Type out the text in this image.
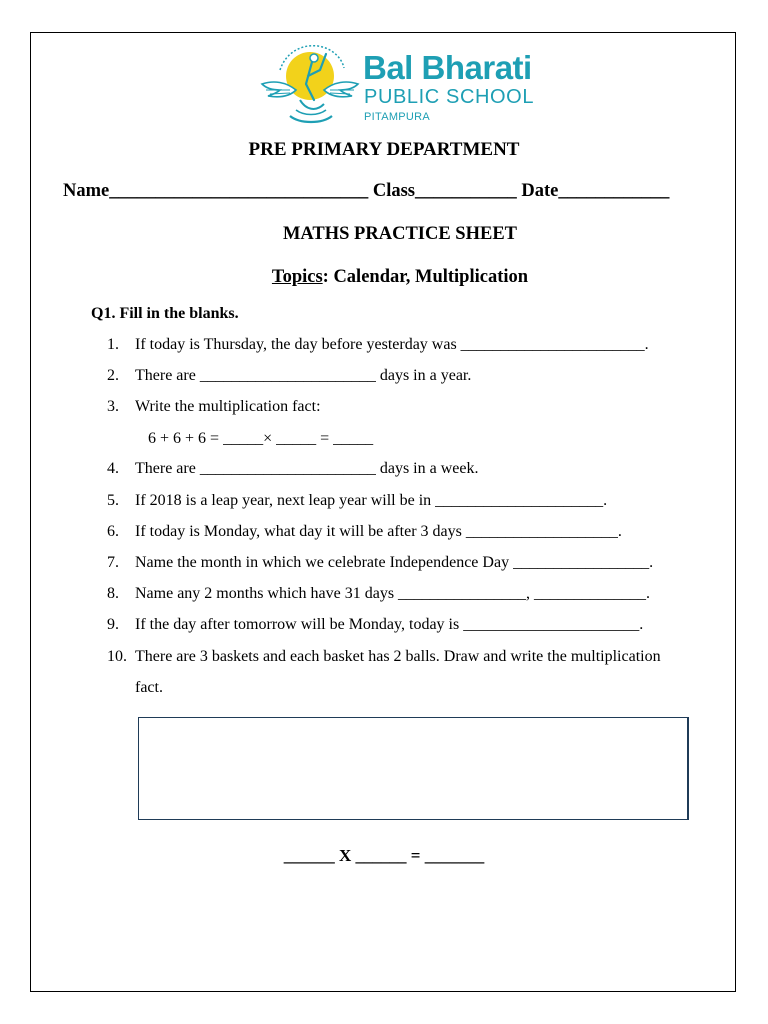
Bal Bharati
PUBLIC SCHOOL
PITAMPURA
PRE PRIMARY DEPARTMENT
Name____________________________ Class___________ Date____________
MATHS PRACTICE SHEET
Topics: Calendar, Multiplication
Q1. Fill in the blanks.
1. If today is Thursday, the day before yesterday was _______________________.
2. There are ______________________ days in a year.
3. Write the multiplication fact:
6 + 6 + 6 = _____× _____ = _____
4. There are ______________________ days in a week.
5. If 2018 is a leap year, next leap year will be in _____________________.
6. If today is Monday, what day it will be after 3 days ___________________.
7. Name the month in which we celebrate Independence Day _________________.
8. Name any 2 months which have 31 days ________________, ______________.
9. If the day after tomorrow will be Monday, today is ______________________.
10. There are 3 baskets and each basket has 2 balls. Draw and write the multiplication
fact.
______ X ______ = _______
